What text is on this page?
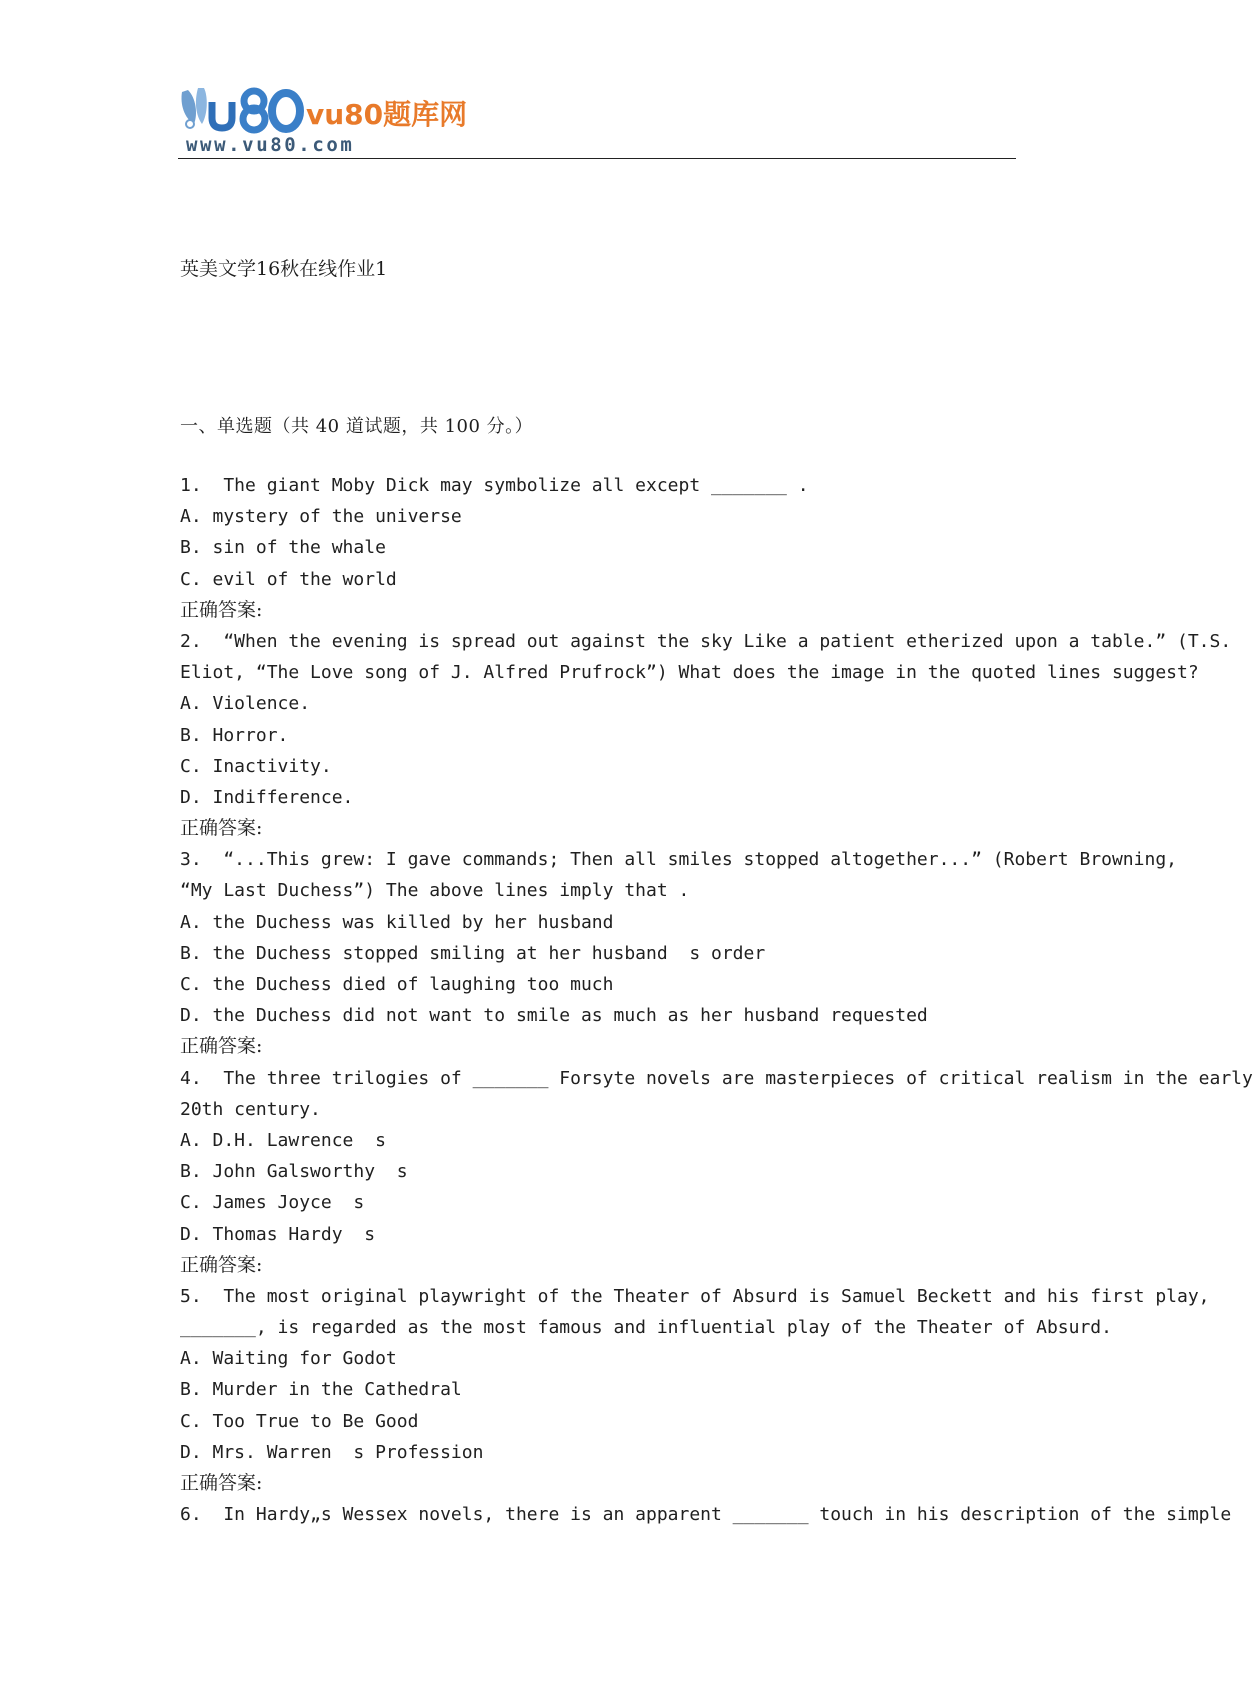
vu80题库网
www.vu80.com
英美文学16秋在线作业1
一、单选题（共 40 道试题，共 100 分。）
1.  The giant Moby Dick may symbolize all except _______ .
A. mystery of the universe
B. sin of the whale
C. evil of the world
正确答案:
2.  “When the evening is spread out against the sky Like a patient etherized upon a table.” (T.S.
Eliot, “The Love song of J. Alfred Prufrock”) What does the image in the quoted lines suggest?
A. Violence.
B. Horror.
C. Inactivity.
D. Indifference.
正确答案:
3.  “...This grew: I gave commands; Then all smiles stopped altogether...” (Robert Browning,
“My Last Duchess”) The above lines imply that .
A. the Duchess was killed by her husband
B. the Duchess stopped smiling at her husband  s order
C. the Duchess died of laughing too much
D. the Duchess did not want to smile as much as her husband requested
正确答案:
4.  The three trilogies of _______ Forsyte novels are masterpieces of critical realism in the early
20th century.
A. D.H. Lawrence  s
B. John Galsworthy  s
C. James Joyce  s
D. Thomas Hardy  s
正确答案:
5.  The most original playwright of the Theater of Absurd is Samuel Beckett and his first play,
_______, is regarded as the most famous and influential play of the Theater of Absurd.
A. Waiting for Godot
B. Murder in the Cathedral
C. Too True to Be Good
D. Mrs. Warren  s Profession
正确答案:
6.  In Hardy„s Wessex novels, there is an apparent _______ touch in his description of the simple
